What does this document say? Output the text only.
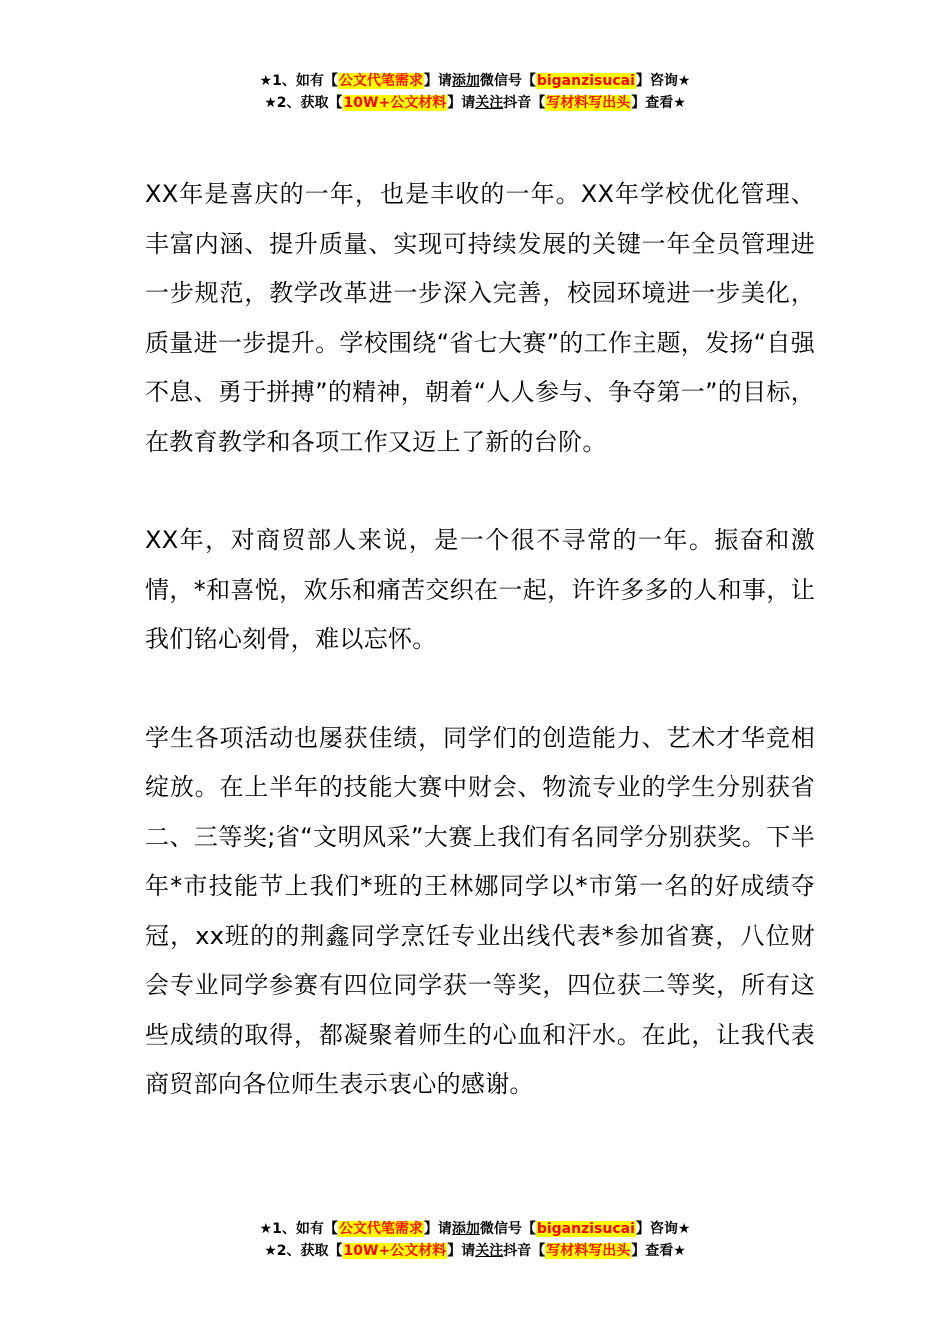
★1、如有【公文代笔需求】请添加微信号【biganzisucai】咨询★
★2、获取【10W+公文材料】请关注抖音【写材料写出头】查看★

XX年是喜庆的一年，也是丰收的一年。XX年学校优化管理、丰富内涵、提升质量、实现可持续发展的关键一年全员管理进一步规范，教学改革进一步深入完善，校园环境进一步美化，质量进一步提升。学校围绕“省七大赛”的工作主题，发扬“自强不息、勇于拼搏”的精神，朝着“人人参与、争夺第一”的目标，在教育教学和各项工作又迈上了新的台阶。

XX年，对商贸部人来说，是一个很不寻常的一年。振奋和激情，*和喜悦，欢乐和痛苦交织在一起，许许多多的人和事，让我们铭心刻骨，难以忘怀。

学生各项活动也屡获佳绩，同学们的创造能力、艺术才华竞相绽放。在上半年的技能大赛中财会、物流专业的学生分别获省二、三等奖;省“文明风采”大赛上我们有名同学分别获奖。下半年*市技能节上我们*班的王林娜同学以*市第一名的好成绩夺冠，xx班的的荆鑫同学烹饪专业出线代表*参加省赛，八位财会专业同学参赛有四位同学获一等奖，四位获二等奖，所有这些成绩的取得，都凝聚着师生的心血和汗水。在此，让我代表商贸部向各位师生表示衷心的感谢。

★1、如有【公文代笔需求】请添加微信号【biganzisucai】咨询★
★2、获取【10W+公文材料】请关注抖音【写材料写出头】查看★
